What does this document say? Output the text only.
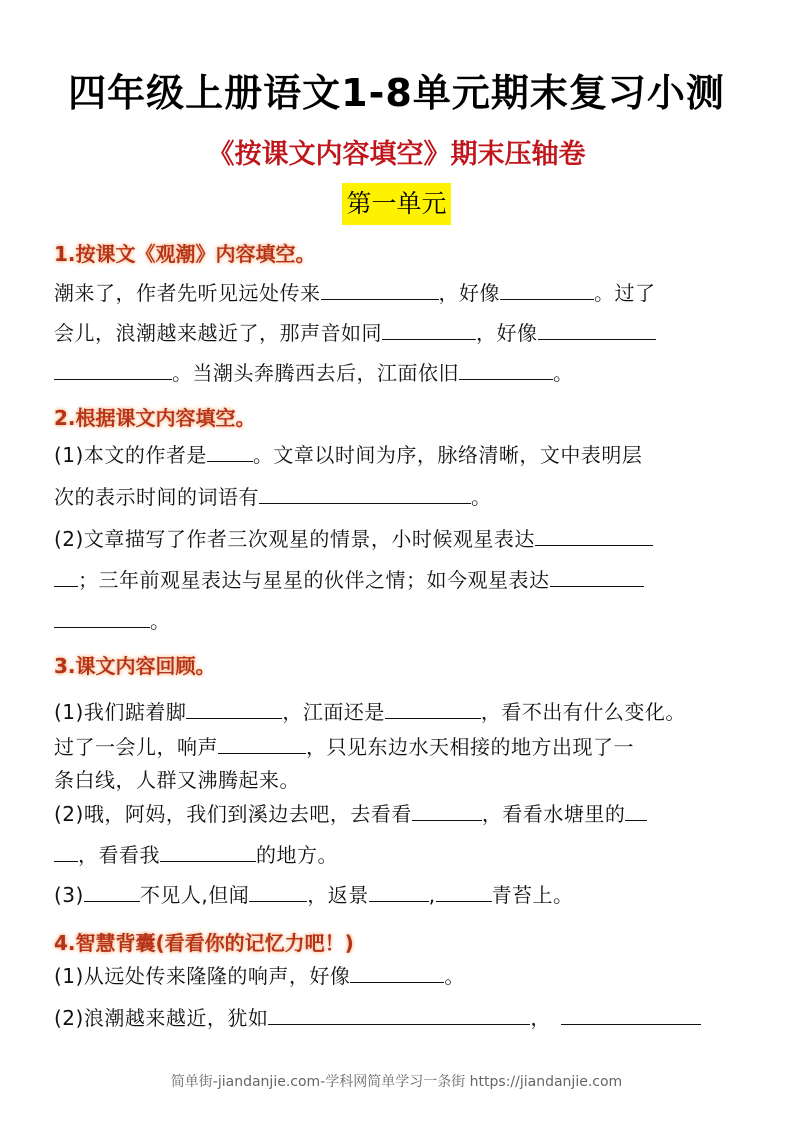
四年级上册语文1-8单元期末复习小测
《按课文内容填空》期末压轴卷
第一单元
1.按课文《观潮》内容填空。
潮来了，作者先听见远处传来	，好像	。过了
会儿，浪潮越来越近了，那声音如同	，好像
。当潮头奔腾西去后，江面依旧	。
2.根据课文内容填空。
(1)本文的作者是 。文章以时间为序，脉络清晰，文中表明层
次的表示时间的词语有	。
(2)文章描写了作者三次观星的情景，小时候观星表达
；三年前观星表达与星星的伙伴之情；如今观星表达
。
3.课文内容回顾。
(1)我们踮着脚	，江面还是	，看不出有什么变化。
过了一会儿，响声	，只见东边水天相接的地方出现了一
条白线，人群又沸腾起来。
(2)哦，阿妈，我们到溪边去吧，去看看	，看看水塘里的
，看看我	的地方。
(3)	不见人,但闻	，返景	,	青苔上。
4.智慧背囊(看看你的记忆力吧！)
(1)从远处传来隆隆的响声，好像	。
(2)浪潮越来越近，犹如	，
简单街-jiandanjie.com-学科网简单学习一条街 https://jiandanjie.com
